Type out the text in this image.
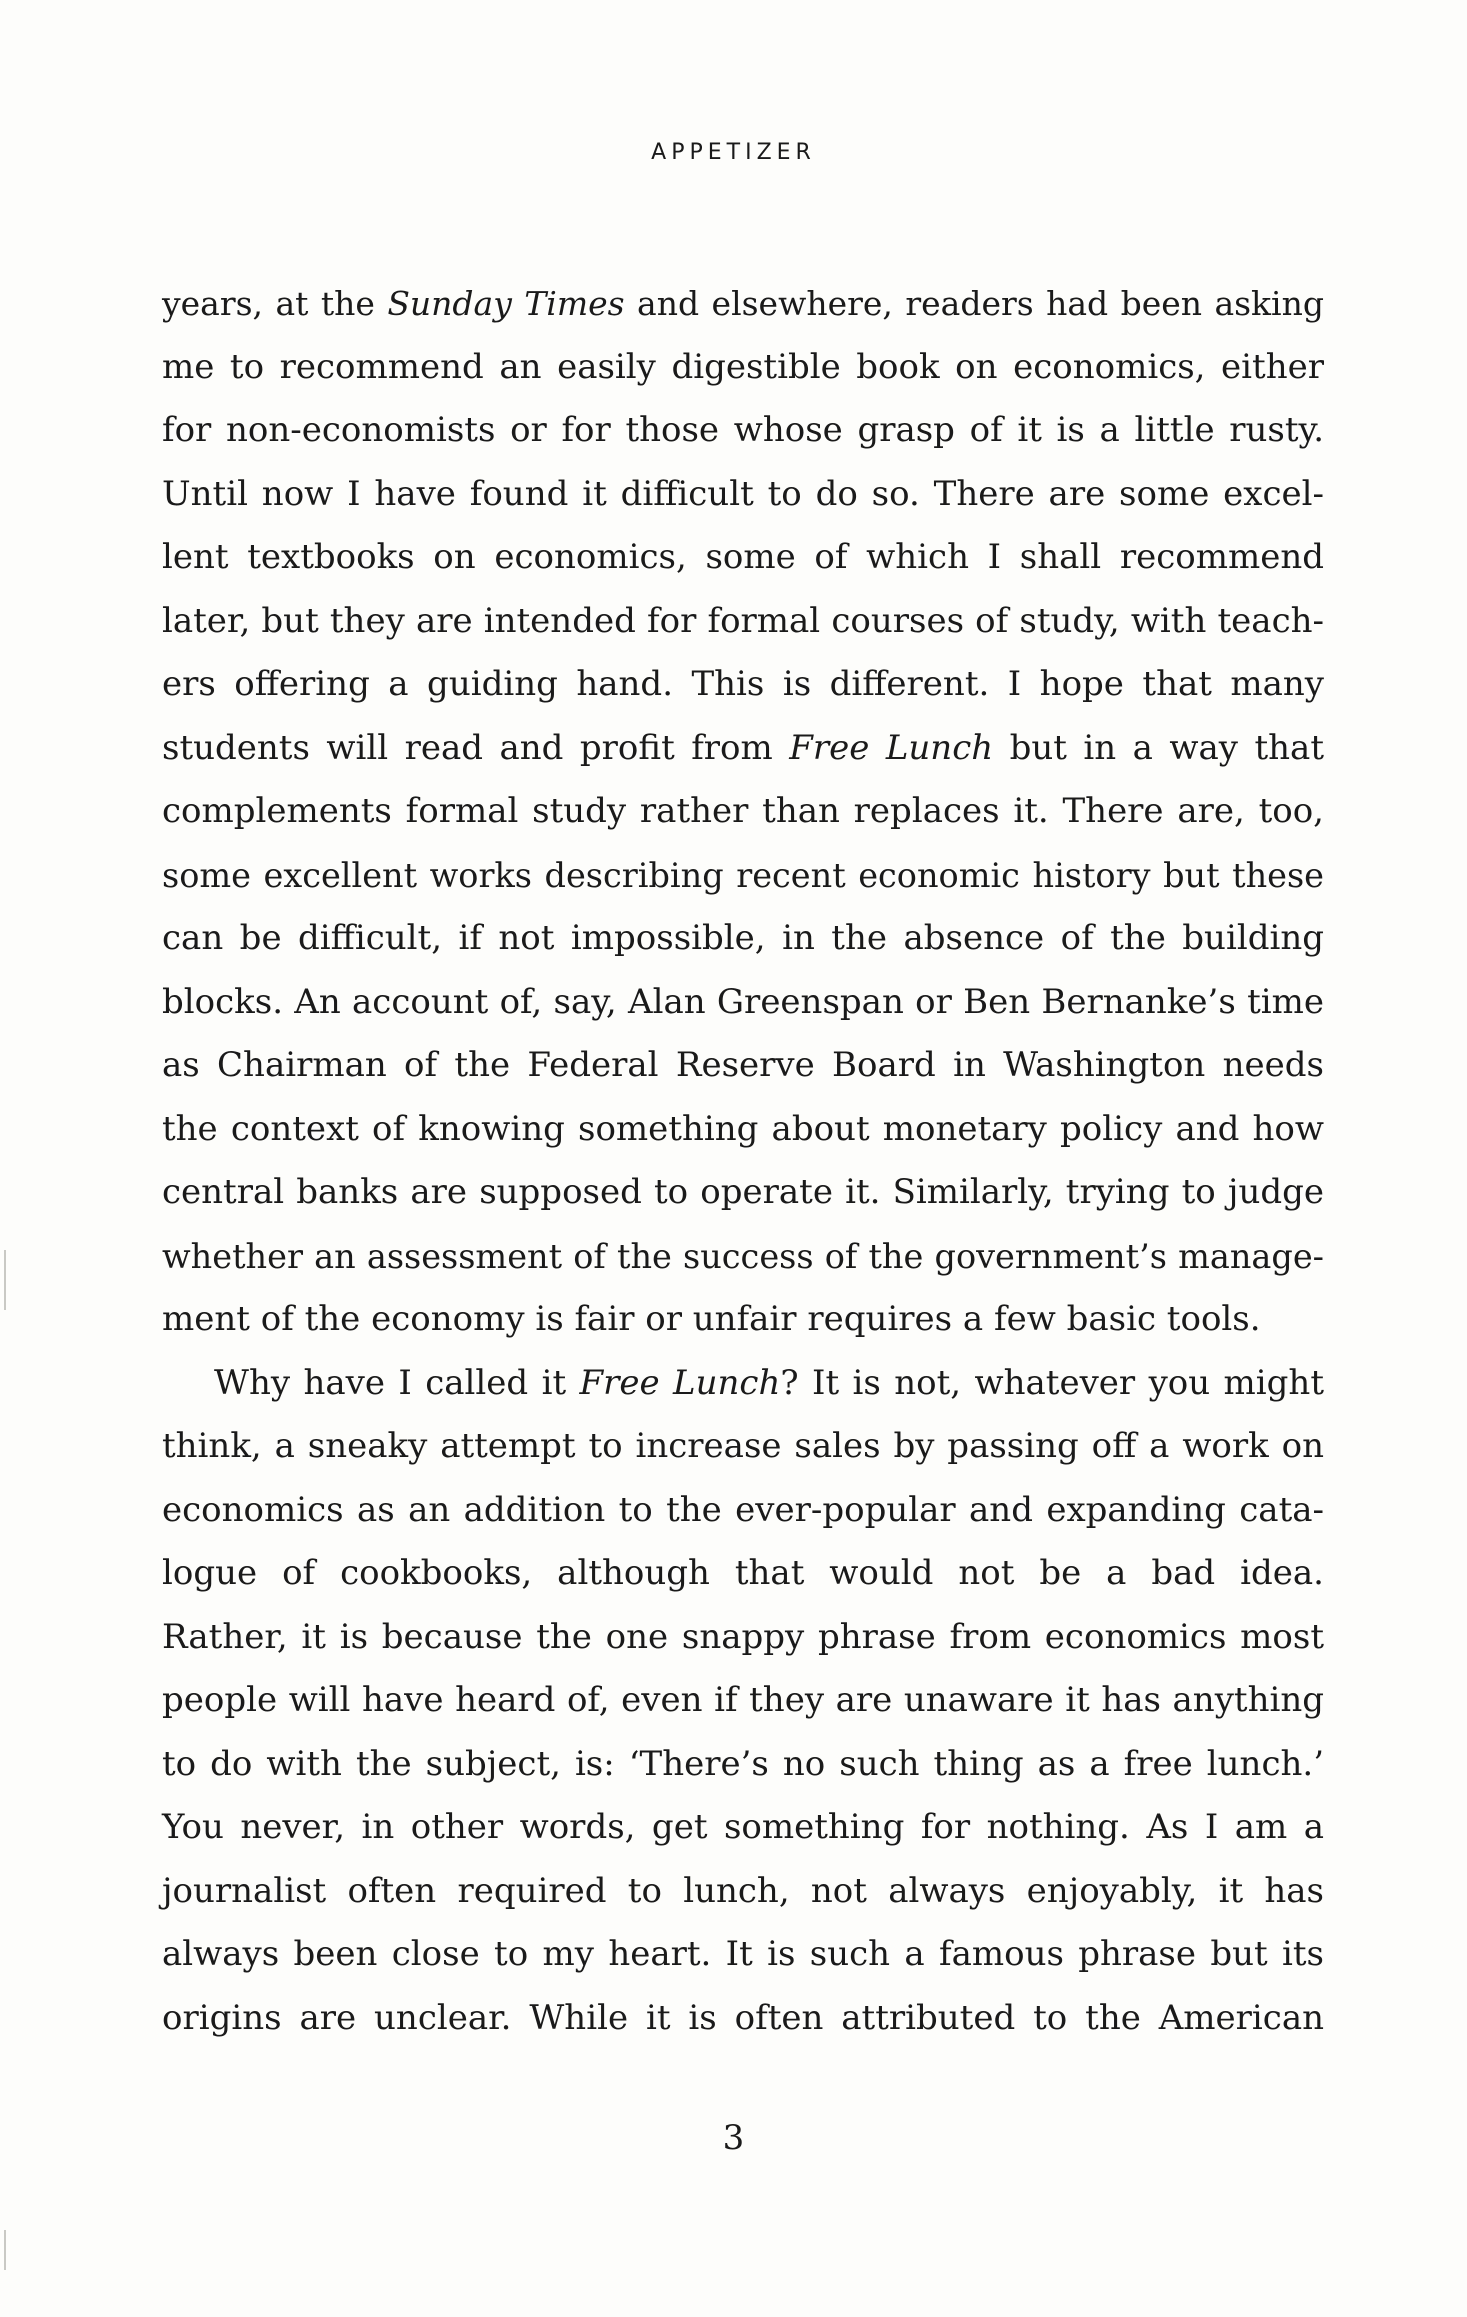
APPETIZER
years, at the Sunday Times and elsewhere, readers had been asking
me to recommend an easily digestible book on economics, either
for non-economists or for those whose grasp of it is a little rusty.
Until now I have found it difficult to do so. There are some excel-
lent textbooks on economics, some of which I shall recommend
later, but they are intended for formal courses of study, with teach-
ers offering a guiding hand. This is different. I hope that many
students will read and profit from Free Lunch but in a way that
complements formal study rather than replaces it. There are, too,
some excellent works describing recent economic history but these
can be difficult, if not impossible, in the absence of the building
blocks. An account of, say, Alan Greenspan or Ben Bernanke’s time
as Chairman of the Federal Reserve Board in Washington needs
the context of knowing something about monetary policy and how
central banks are supposed to operate it. Similarly, trying to judge
whether an assessment of the success of the government’s manage-
ment of the economy is fair or unfair requires a few basic tools.
Why have I called it Free Lunch? It is not, whatever you might
think, a sneaky attempt to increase sales by passing off a work on
economics as an addition to the ever-popular and expanding cata-
logue of cookbooks, although that would not be a bad idea.
Rather, it is because the one snappy phrase from economics most
people will have heard of, even if they are unaware it has anything
to do with the subject, is: ‘There’s no such thing as a free lunch.’
You never, in other words, get something for nothing. As I am a
journalist often required to lunch, not always enjoyably, it has
always been close to my heart. It is such a famous phrase but its
origins are unclear. While it is often attributed to the American
3
